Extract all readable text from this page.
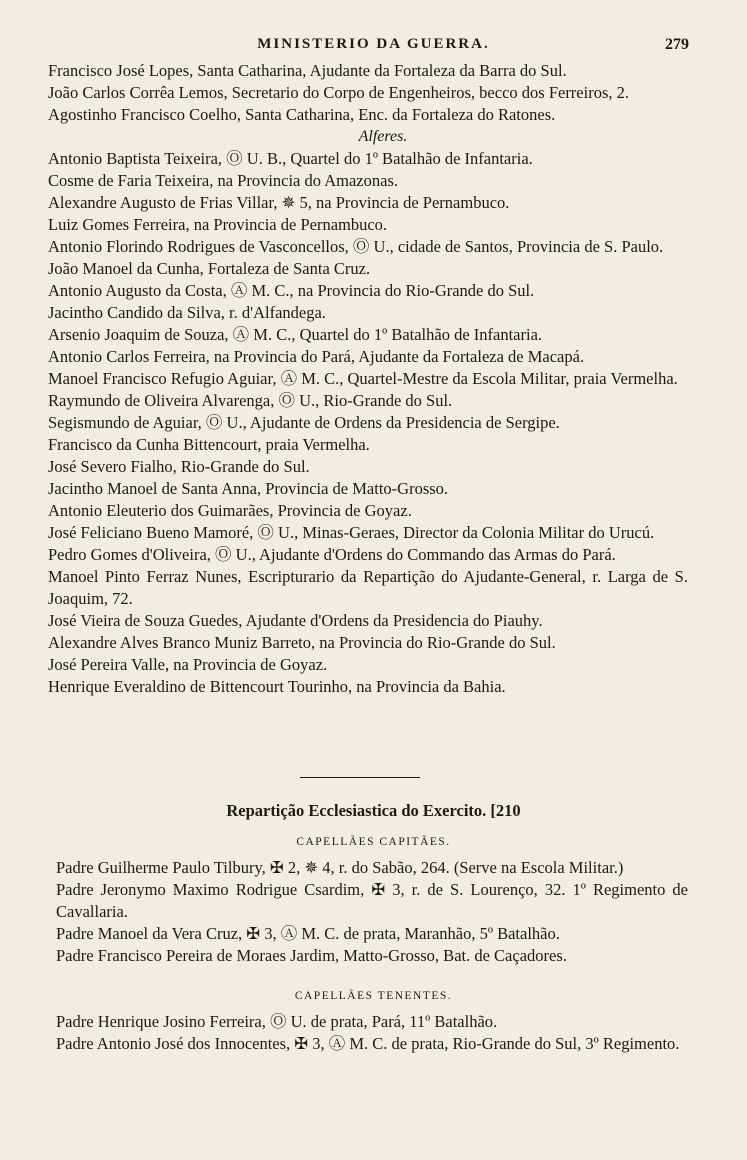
MINISTERIO DA GUERRA.	279
Francisco José Lopes, Santa Catharina, Ajudante da Fortaleza da Barra do Sul.
João Carlos Corrêa Lemos, Secretario do Corpo de Engenheiros, becco dos Ferreiros, 2.
Agostinho Francisco Coelho, Santa Catharina, Enc. da Fortaleza do Ratones.
Alferes.
Antonio Baptista Teixeira, Ⓞ U. B., Quartel do 1º Batalhão de Infantaria.
Cosme de Faria Teixeira, na Provincia do Amazonas.
Alexandre Augusto de Frias Villar, ✵ 5, na Provincia de Pernambuco.
Luiz Gomes Ferreira, na Provincia de Pernambuco.
Antonio Florindo Rodrigues de Vasconcellos, Ⓞ U., cidade de Santos, Provincia de S. Paulo.
João Manoel da Cunha, Fortaleza de Santa Cruz.
Antonio Augusto da Costa, Ⓐ M. C., na Provincia do Rio-Grande do Sul.
Jacintho Candido da Silva, r. d'Alfandega.
Arsenio Joaquim de Souza, Ⓐ M. C., Quartel do 1º Batalhão de Infantaria.
Antonio Carlos Ferreira, na Provincia do Pará, Ajudante da Fortaleza de Macapá.
Manoel Francisco Refugio Aguiar, Ⓐ M. C., Quartel-Mestre da Escola Militar, praia Vermelha.
Raymundo de Oliveira Alvarenga, Ⓞ U., Rio-Grande do Sul.
Segismundo de Aguiar, Ⓞ U., Ajudante de Ordens da Presidencia de Sergipe.
Francisco da Cunha Bittencourt, praia Vermelha.
José Severo Fialho, Rio-Grande do Sul.
Jacintho Manoel de Santa Anna, Provincia de Matto-Grosso.
Antonio Eleuterio dos Guimarães, Provincia de Goyaz.
José Feliciano Bueno Mamoré, Ⓞ U., Minas-Geraes, Director da Colonia Militar do Urucú.
Pedro Gomes d'Oliveira, Ⓞ U., Ajudante d'Ordens do Commando das Armas do Pará.
Manoel Pinto Ferraz Nunes, Escripturario da Repartição do Ajudante-General, r. Larga de S. Joaquim, 72.
José Vieira de Souza Guedes, Ajudante d'Ordens da Presidencia do Piauhy.
Alexandre Alves Branco Muniz Barreto, na Provincia do Rio-Grande do Sul.
José Pereira Valle, na Provincia de Goyaz.
Henrique Everaldino de Bittencourt Tourinho, na Provincia da Bahia.
Repartição Ecclesiastica do Exercito. [210
CAPELLÃES CAPITÃES.
Padre Guilherme Paulo Tilbury, ✠ 2, ✵ 4, r. do Sabão, 264. (Serve na Escola Militar.)
Padre Jeronymo Maximo Rodrigue Csardim, ✠ 3, r. de S. Lourenço, 32. 1º Regimento de Cavallaria.
Padre Manoel da Vera Cruz, ✠ 3, Ⓐ M. C. de prata, Maranhão, 5º Batalhão.
Padre Francisco Pereira de Moraes Jardim, Matto-Grosso, Bat. de Caçadores.
CAPELLÃES TENENTES.
Padre Henrique Josino Ferreira, Ⓞ U. de prata, Pará, 11º Batalhão.
Padre Antonio José dos Innocentes, ✠ 3, Ⓐ M. C. de prata, Rio-Grande do Sul, 3º Regimento.
